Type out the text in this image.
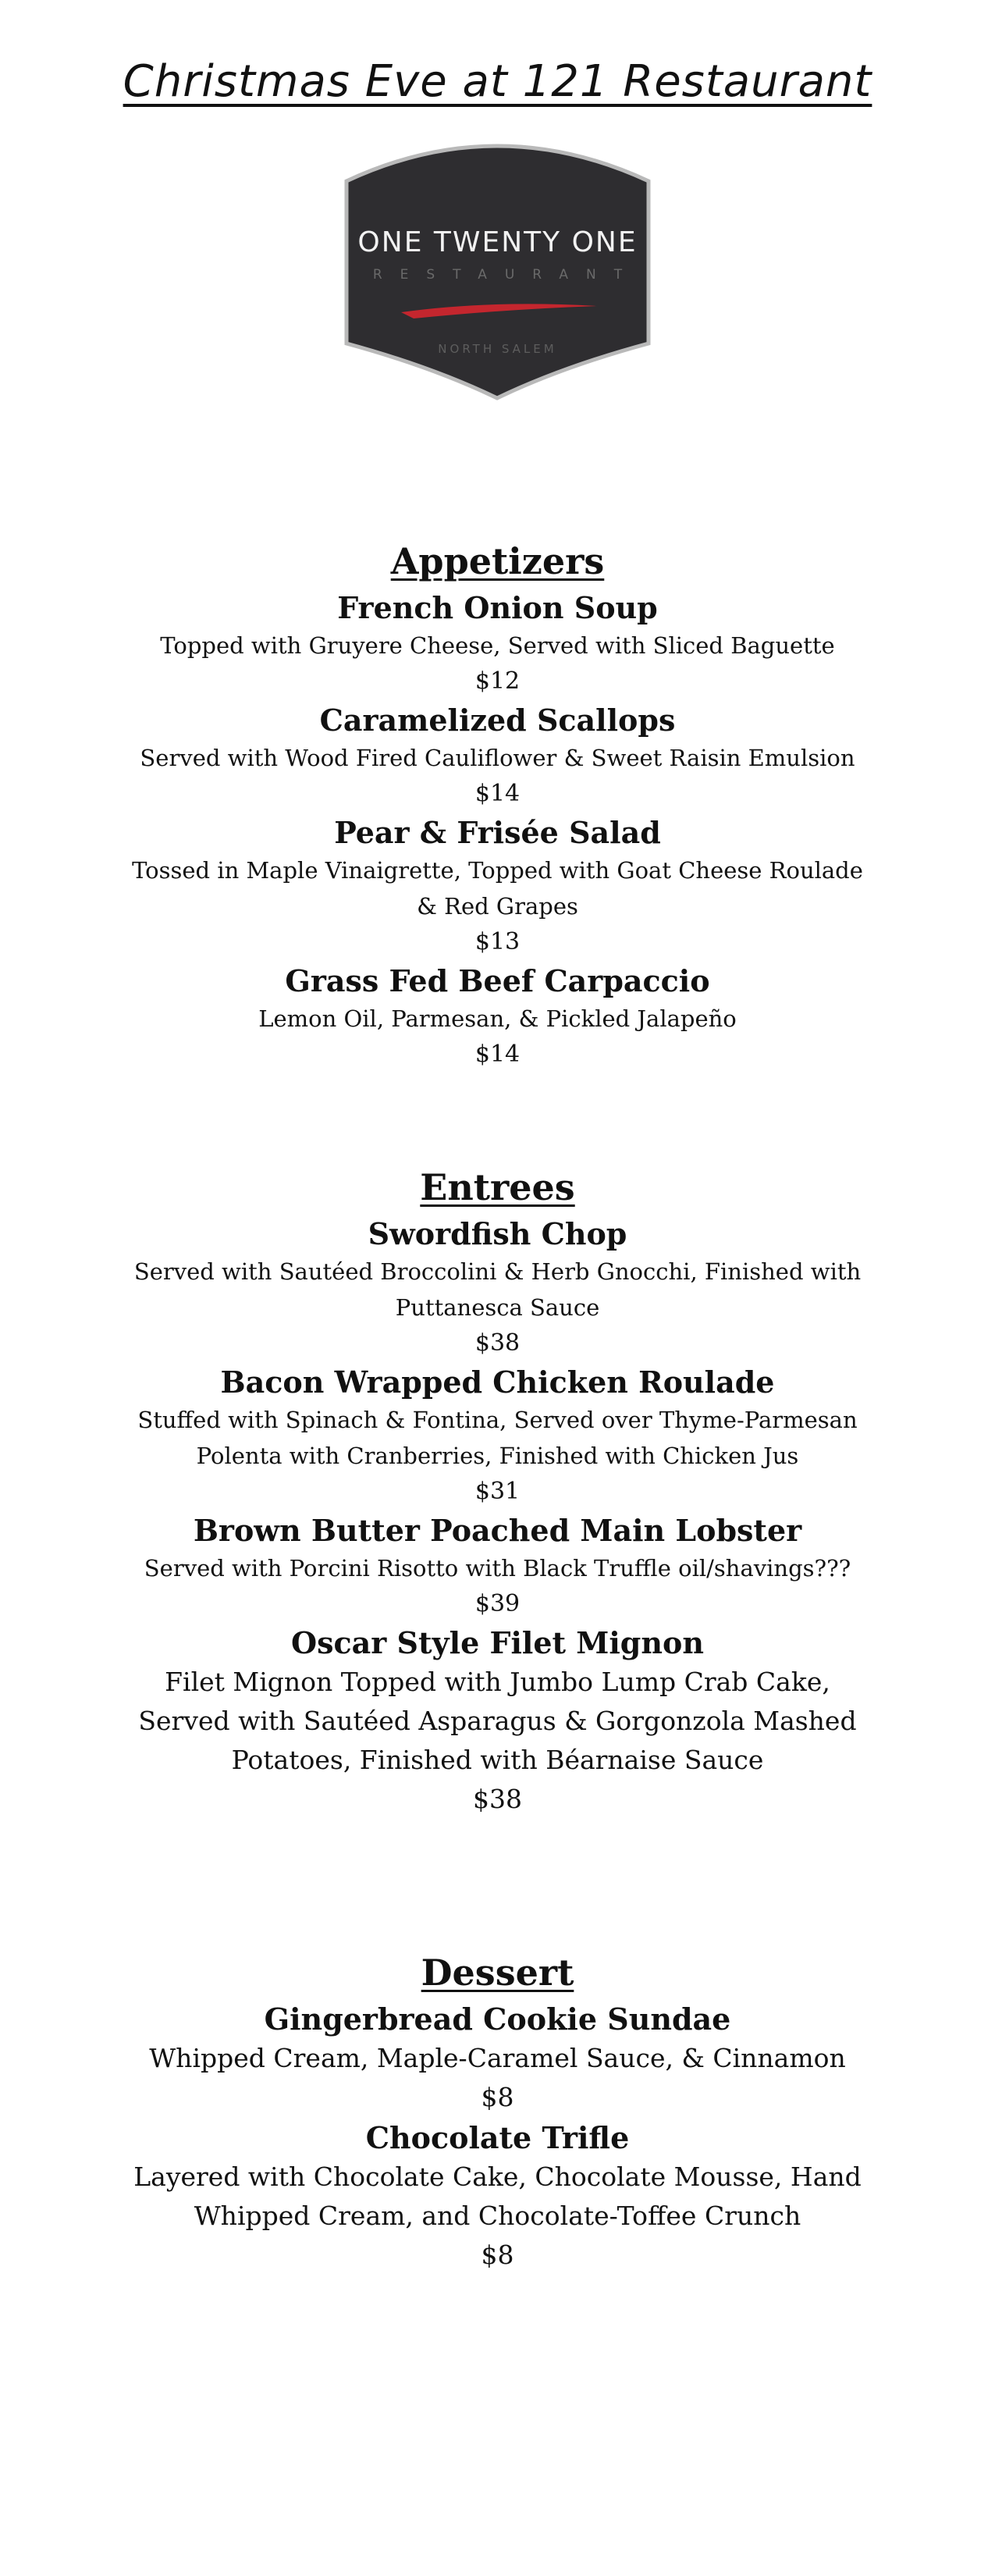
Christmas Eve at 121 Restaurant
ONE TWENTY ONE
RESTAURANT
NORTH SALEM
Appetizers

French Onion Soup

Topped with Gruyere Cheese, Served with Sliced Baguette

$12

Caramelized Scallops

Served with Wood Fired Cauliflower & Sweet Raisin Emulsion

$14

Pear & Frisée Salad

Tossed in Maple Vinaigrette, Topped with Goat Cheese Roulade & Red Grapes

$13

Grass Fed Beef Carpaccio

Lemon Oil, Parmesan, & Pickled Jalapeño

$14

Entrees

Swordfish Chop

Served with Sautéed Broccolini & Herb Gnocchi, Finished with Puttanesca Sauce

$38

Bacon Wrapped Chicken Roulade

Stuffed with Spinach & Fontina, Served over Thyme-Parmesan Polenta with Cranberries, Finished with Chicken Jus

$31

Brown Butter Poached Main Lobster

Served with Porcini Risotto with Black Truffle oil/shavings???

$39

Oscar Style Filet Mignon

Filet Mignon Topped with Jumbo Lump Crab Cake, Served with Sautéed Asparagus & Gorgonzola Mashed Potatoes, Finished with Béarnaise Sauce

$38

Dessert

Gingerbread Cookie Sundae

Whipped Cream, Maple-Caramel Sauce, & Cinnamon

$8

Chocolate Trifle

Layered with Chocolate Cake, Chocolate Mousse, Hand Whipped Cream, and Chocolate-Toffee Crunch

$8
